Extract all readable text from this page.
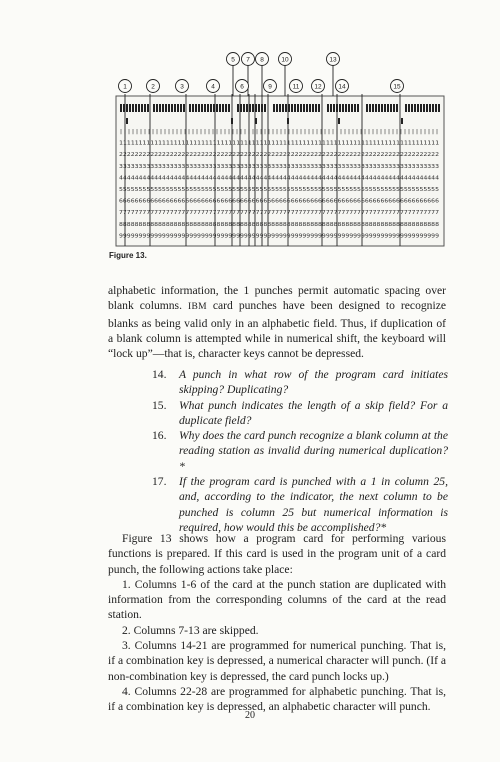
||||||||||||||||||||||||||||||||||||||||||||||||||||||||||||||||||||||||||||||||
1111111111111111111111111111111111111111111111111111111111111111111111111111111111
2222222222222222222222222222222222222222222222222222222222222222222222222222222222
3333333333333333333333333333333333333333333333333333333333333333333333333333333333
4444444444444444444444444444444444444444444444444444444444444444444444444444444444
5555555555555555555555555555555555555555555555555555555555555555555555555555555555
6666666666666666666666666666666666666666666666666666666666666666666666666666666666
7777777777777777777777777777777777777777777777777777777777777777777777777777777777
8888888888888888888888888888888888888888888888888888888888888888888888888888888888
9999999999999999999999999999999999999999999999999999999999999999999999999999999999
5 7 8	10	13
1	2	3	4	6	9	11 12	14	15
Figure 13.

alphabetic information, the 1 punches permit automatic spacing over blank columns. IBM card punches have been designed to recognize blanks as being valid only in an alphabetic field. Thus, if duplication of a blank column is attempted while in numerical shift, the keyboard will “lock up”—that is, character keys cannot be depressed.

14. A punch in what row of the program card initiates skipping? Duplicating?

15. What punch indicates the length of a skip field? For a duplicate field?

16. Why does the card punch recognize a blank column at the reading station as invalid during numerical duplication?*

17. If the program card is punched with a 1 in column 25, and, according to the indicator, the next column to be punched is column 25 but numerical information is required, how would this be accomplished?*

Figure 13 shows how a program card for performing various functions is prepared. If this card is used in the program unit of a card punch, the following actions take place:

1. Columns 1-6 of the card at the punch station are duplicated with information from the corresponding columns of the card at the read station.

2. Columns 7-13 are skipped.

3. Columns 14-21 are programmed for numerical punching. That is, if a combination key is depressed, a numerical character will punch. (If a non-combination key is depressed, the card punch locks up.)

4. Columns 22-28 are programmed for alphabetic punching. That is, if a combination key is depressed, an alphabetic character will punch.

20
